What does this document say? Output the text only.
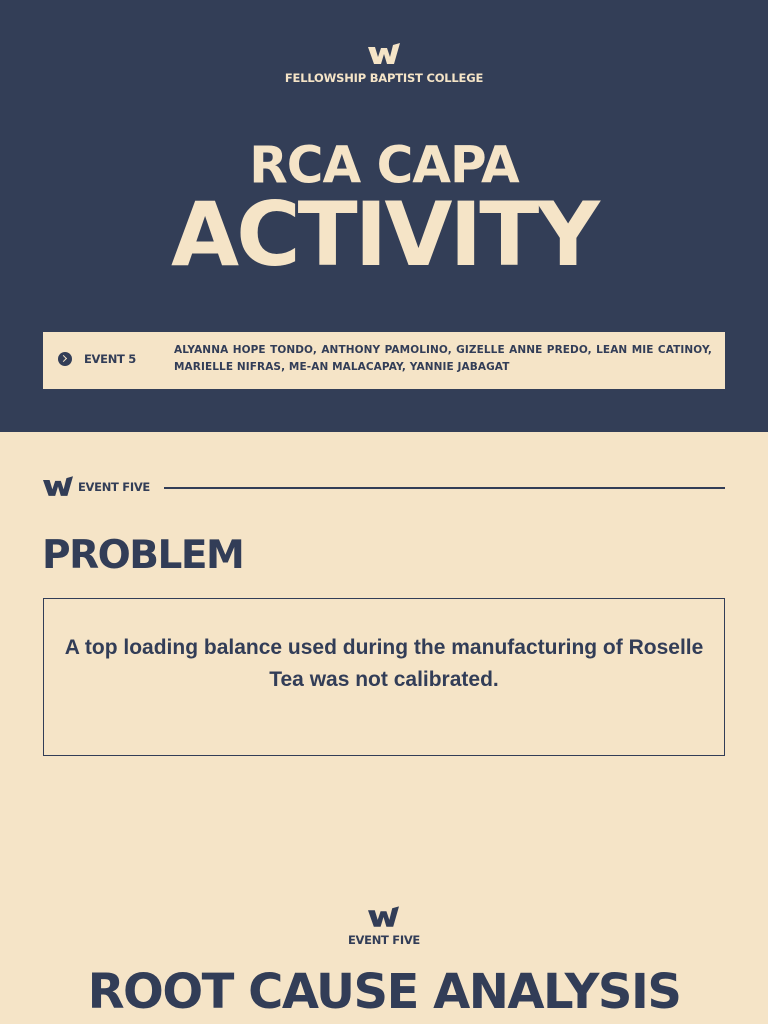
FELLOWSHIP BAPTIST COLLEGE
RCA CAPA
ACTIVITY
EVENT 5
ALYANNA HOPE TONDO, ANTHONY PAMOLINO, GIZELLE ANNE PREDO, LEAN MIE CATINOY, MARIELLE NIFRAS, ME-AN MALACAPAY, YANNIE JABAGAT
EVENT FIVE
PROBLEM
A top loading balance used during the manufacturing of Roselle Tea was not calibrated.
EVENT FIVE
ROOT CAUSE ANALYSIS
